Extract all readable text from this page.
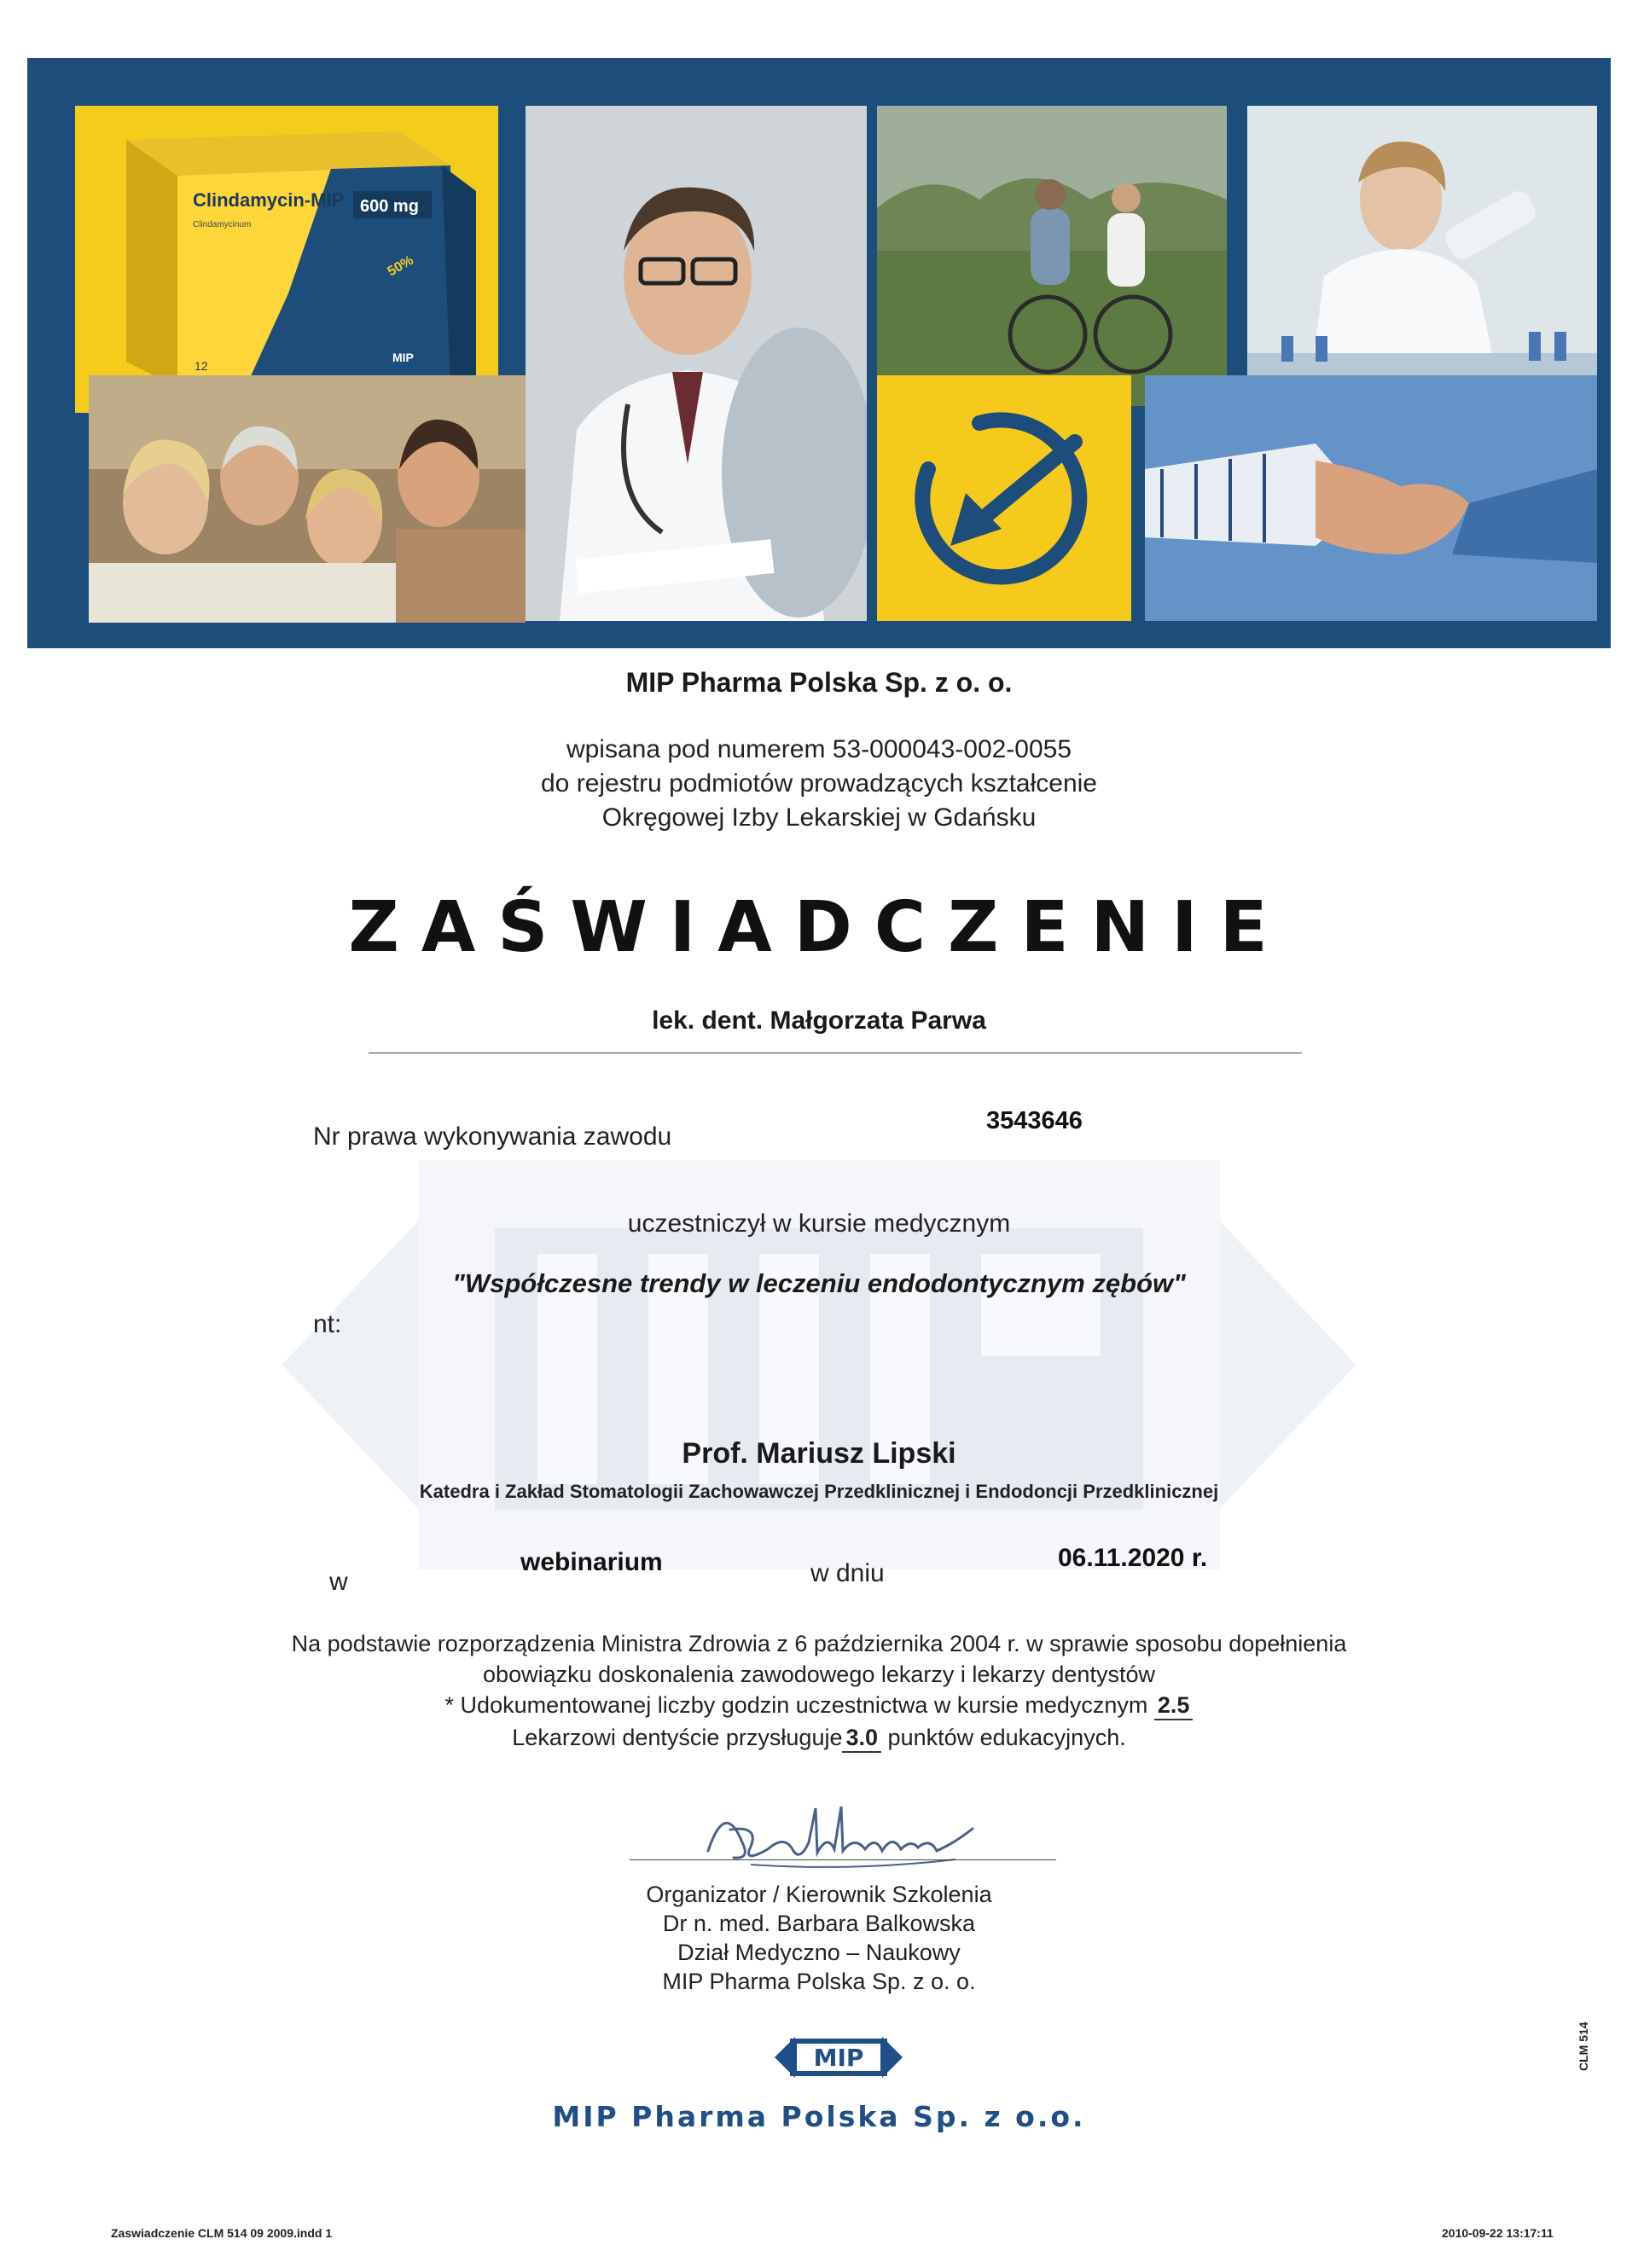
Clindamycin-MIP
Clindamycinum
600 mg
50%
12
MIP
MIP Pharma Polska Sp. z o. o.
wpisana pod numerem 53-000043-002-0055
do rejestru podmiotów prowadzących kształcenie
Okręgowej Izby Lekarskiej w Gdańsku
ZAŚWIADCZENIE
lek. dent. Małgorzata Parwa
Nr prawa wykonywania zawodu
3543646
uczestniczył w kursie medycznym
"Współczesne trendy w leczeniu endodontycznym zębów"
nt:
Prof. Mariusz Lipski
Katedra i Zakład Stomatologii Zachowawczej Przedklinicznej i Endodoncji Przedklinicznej
w
webinarium	w dniu
06.11.2020 r.
Na podstawie rozporządzenia Ministra Zdrowia z 6 października 2004 r. w sprawie sposobu dopełnienia
obowiązku doskonalenia zawodowego lekarzy i lekarzy dentystów
* Udokumentowanej liczby godzin uczestnictwa w kursie medycznym 2.5
Lekarzowi dentyście przysługuje 3.0 punktów edukacyjnych.
Organizator / Kierownik Szkolenia
Dr n. med. Barbara Balkowska
Dział Medyczno – Naukowy
MIP Pharma Polska Sp. z o. o.
MIP
MIP Pharma Polska Sp. z o.o.
CLM 514
Zaswiadczenie CLM 514 09 2009.indd 1	2010-09-22 13:17:11
